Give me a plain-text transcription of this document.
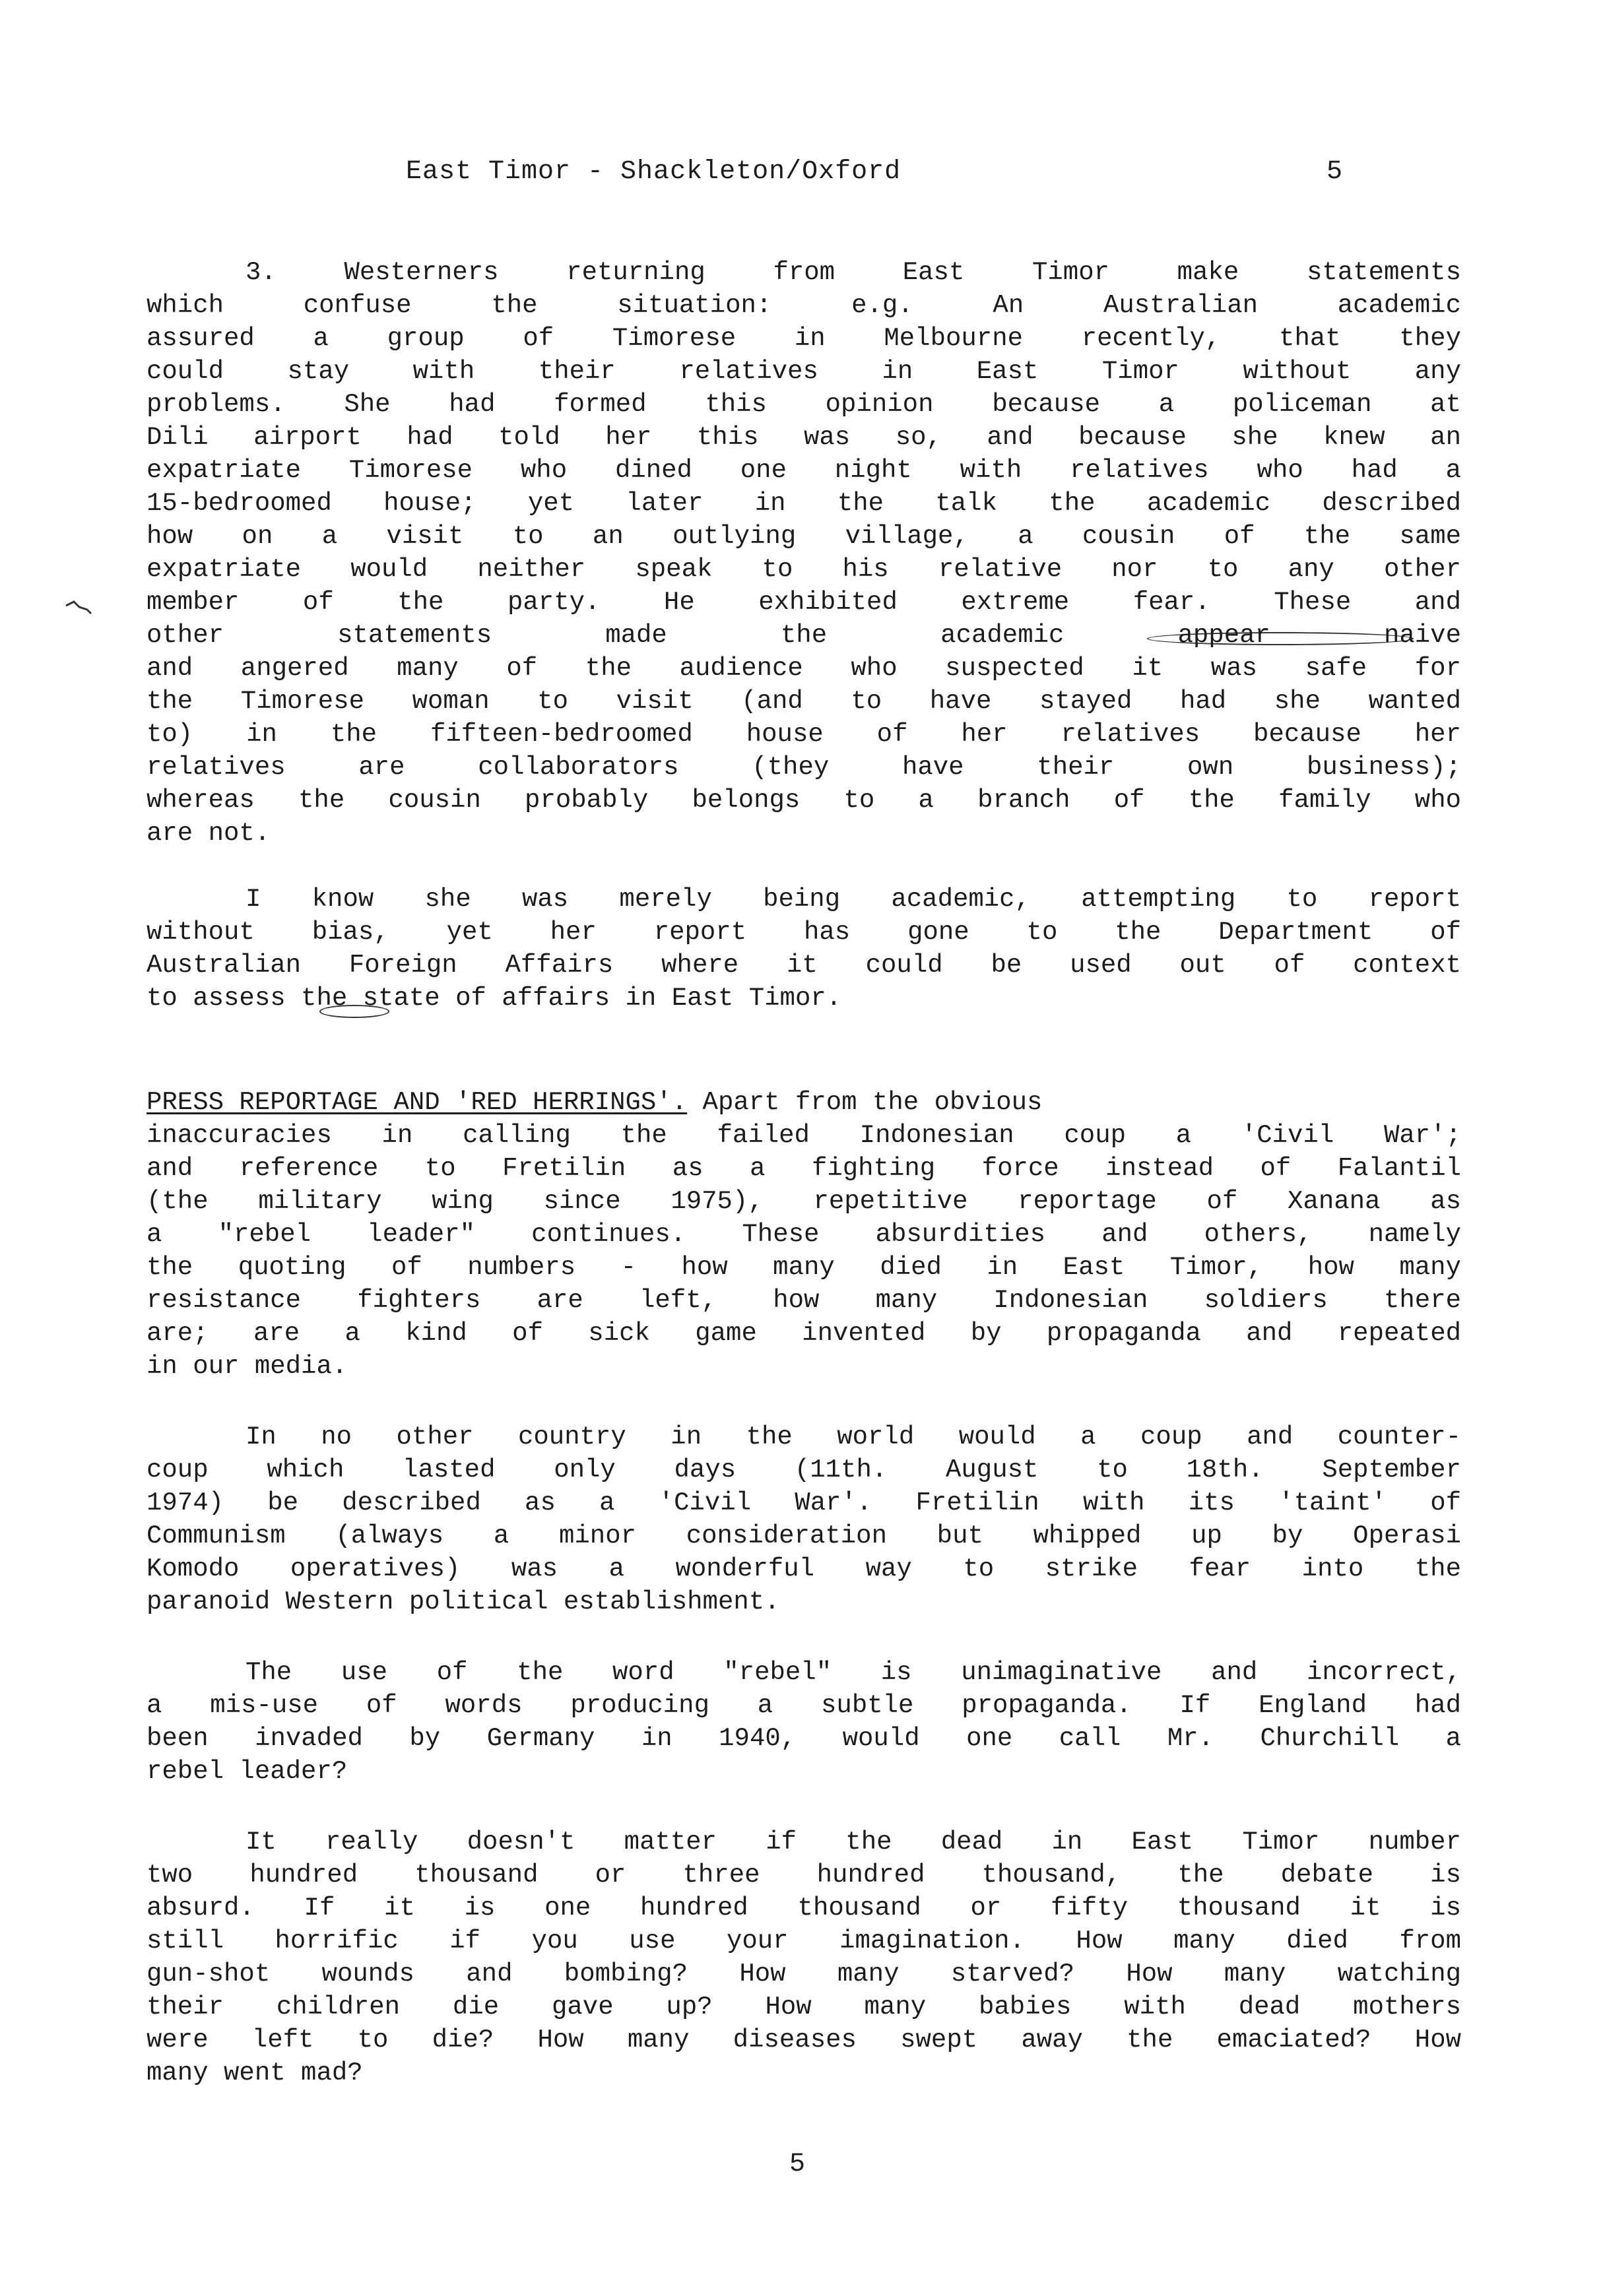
East Timor - Shackleton/Oxford	5
3. Westerners returning from East Timor make statements
which confuse the situation: e.g. An Australian academic
assured a group of Timorese in Melbourne recently, that they
could stay with their relatives in East Timor without any
problems. She had formed this opinion because a policeman at
Dili airport had told her this was so, and because she knew an
expatriate Timorese who dined one night with relatives who had a
15-bedroomed house; yet later in the talk the academic described
how on a visit to an outlying village, a cousin of the same
expatriate would neither speak to his relative nor to any other
member of the party. He exhibited extreme fear. These and
other statements made the academic appear naive
and angered many of the audience who suspected it was safe for
the Timorese woman to visit (and to have stayed had she wanted
to) in the fifteen-bedroomed house of her relatives because her
relatives are collaborators (they have their own business);
whereas the cousin probably belongs to a branch of the family who
are not.
I know she was merely being academic, attempting to report
without bias, yet her report has gone to the Department of
Australian Foreign Affairs where it could be used out of context
to assess the state of affairs in East Timor.
PRESS REPORTAGE AND 'RED HERRINGS'. Apart from the obvious
inaccuracies in calling the failed Indonesian coup a 'Civil War';
and reference to Fretilin as a fighting force instead of Falantil
(the military wing since 1975), repetitive reportage of Xanana as
a "rebel leader" continues. These absurdities and others, namely
the quoting of numbers - how many died in East Timor, how many
resistance fighters are left, how many Indonesian soldiers there
are; are a kind of sick game invented by propaganda and repeated
in our media.
In no other country in the world would a coup and counter-
coup which lasted only days (11th. August to 18th. September
1974) be described as a 'Civil War'. Fretilin with its 'taint' of
Communism (always a minor consideration but whipped up by Operasi
Komodo operatives) was a wonderful way to strike fear into the
paranoid Western political establishment.
The use of the word "rebel" is unimaginative and incorrect,
a mis-use of words producing a subtle propaganda. If England had
been invaded by Germany in 1940, would one call Mr. Churchill a
rebel leader?
It really doesn't matter if the dead in East Timor number
two hundred thousand or three hundred thousand, the debate is
absurd. If it is one hundred thousand or fifty thousand it is
still horrific if you use your imagination. How many died from
gun-shot wounds and bombing? How many starved? How many watching
their children die gave up? How many babies with dead mothers
were left to die? How many diseases swept away the emaciated? How
many went mad?
5
